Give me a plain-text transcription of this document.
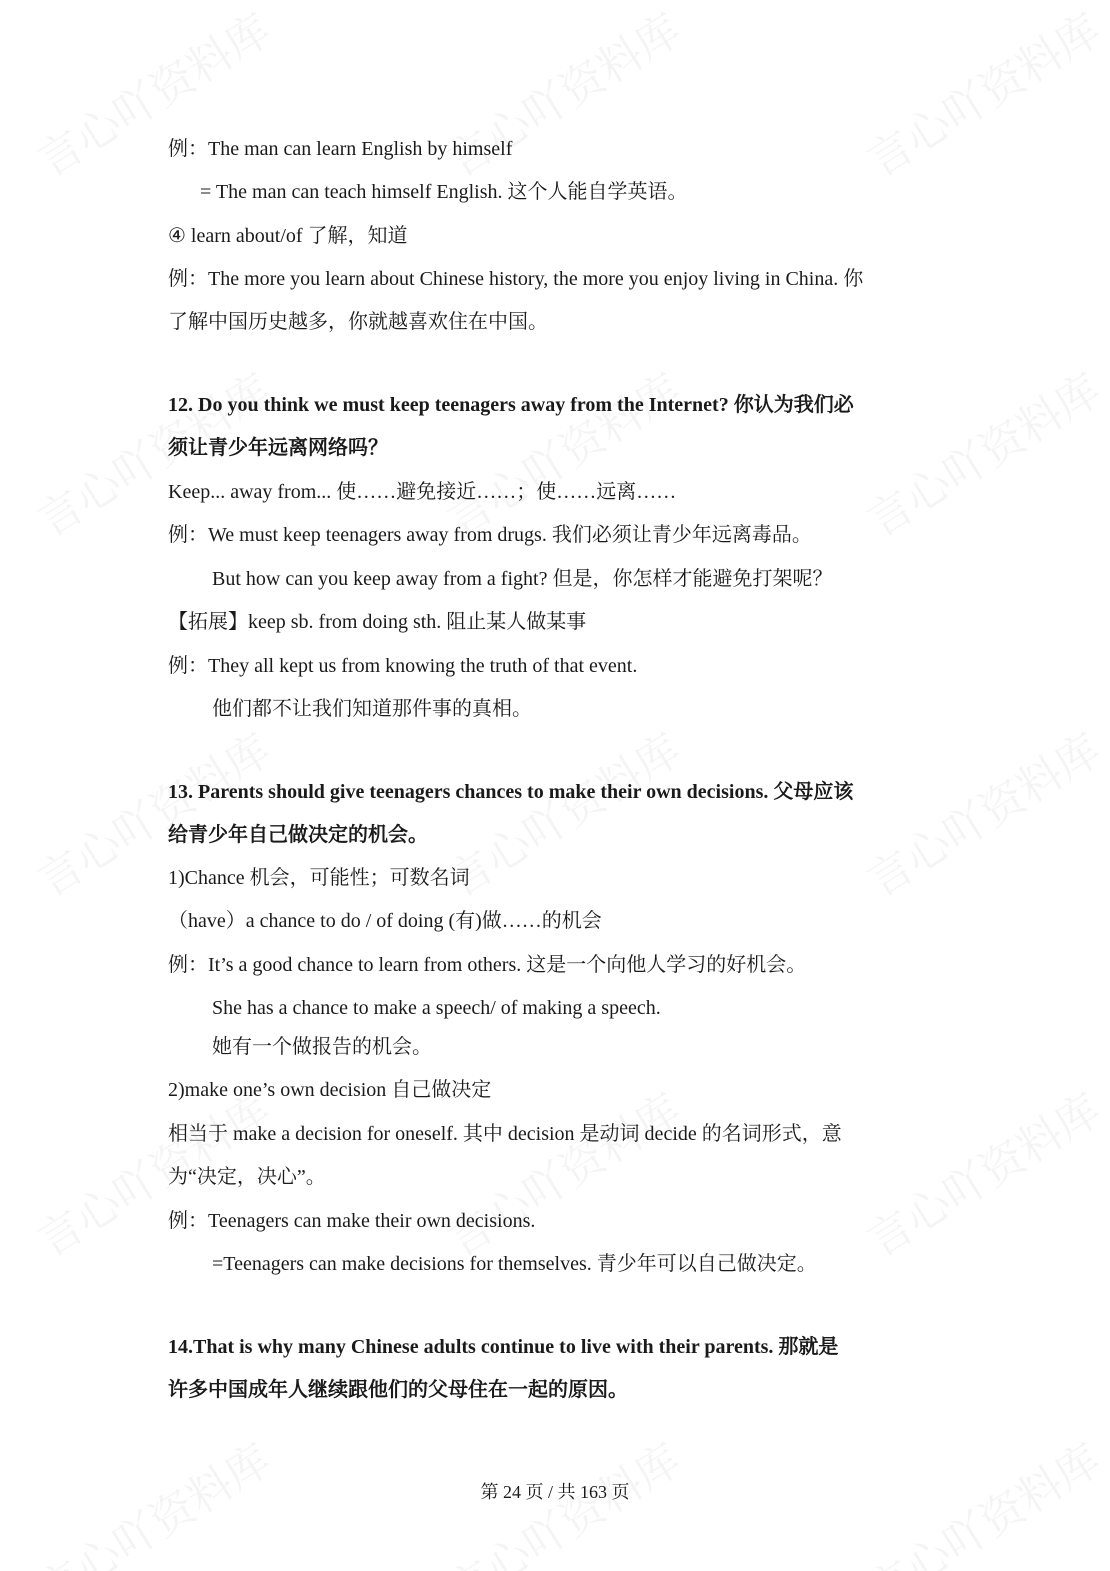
例：The man can learn English by himself
= The man can teach himself English. 这个人能自学英语。
④ learn about/of 了解，知道
例：The more you learn about Chinese history, the more you enjoy living in China. 你
了解中国历史越多，你就越喜欢住在中国。
12. Do you think we must keep teenagers away from the Internet? 你认为我们必
须让青少年远离网络吗？
Keep... away from... 使……避免接近……；使……远离……
例：We must keep teenagers away from drugs. 我们必须让青少年远离毒品。
But how can you keep away from a fight? 但是，你怎样才能避免打架呢？
【拓展】keep sb. from doing sth. 阻止某人做某事
例：They all kept us from knowing the truth of that event.
他们都不让我们知道那件事的真相。
13. Parents should give teenagers chances to make their own decisions. 父母应该
给青少年自己做决定的机会。
1)Chance 机会，可能性；可数名词
（have）a chance to do / of doing (有)做……的机会
例：It’s a good chance to learn from others. 这是一个向他人学习的好机会。
She has a chance to make a speech/ of making a speech.
她有一个做报告的机会。
2)make one’s own decision 自己做决定
相当于 make a decision for oneself. 其中 decision 是动词 decide 的名词形式，意
为“决定，决心”。
例：Teenagers can make their own decisions.
=Teenagers can make decisions for themselves. 青少年可以自己做决定。
14.That is why many Chinese adults continue to live with their parents. 那就是
许多中国成年人继续跟他们的父母住在一起的原因。
第 24 页 / 共 163 页
